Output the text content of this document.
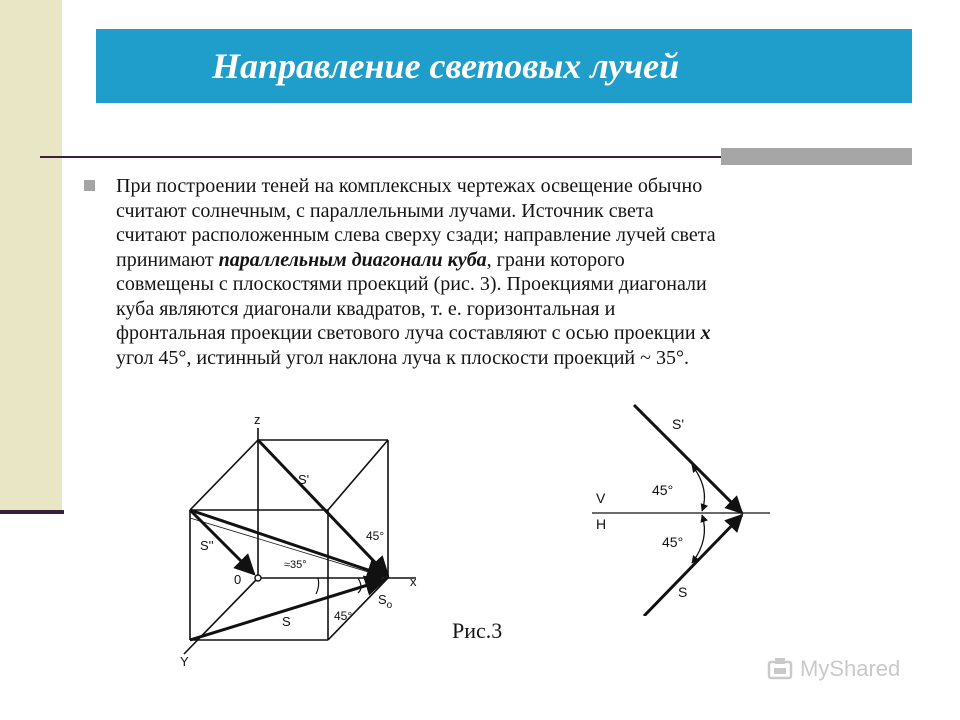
Направление световых лучей
При построении теней на комплексных чертежах освещение обычно
считают солнечным, с параллельными лучами. Источник света
считают расположенным слева сверху сзади; направление лучей света
принимают параллельным диагонали куба, грани которого
совмещены с плоскостями проекций (рис. 3). Проекциями диагонали
куба являются диагонали квадратов, т. е. горизонтальная и
фронтальная проекции светового луча составляют с осью проекции x
угол 45°, истинный угол наклона луча к плоскости проекций ~ 35°.
z
Y
x
0
S'
S''
S
$S_o$
≈35°
45°
45°
V
H
S'
S
45°
45°
Рис.3
MyShared
